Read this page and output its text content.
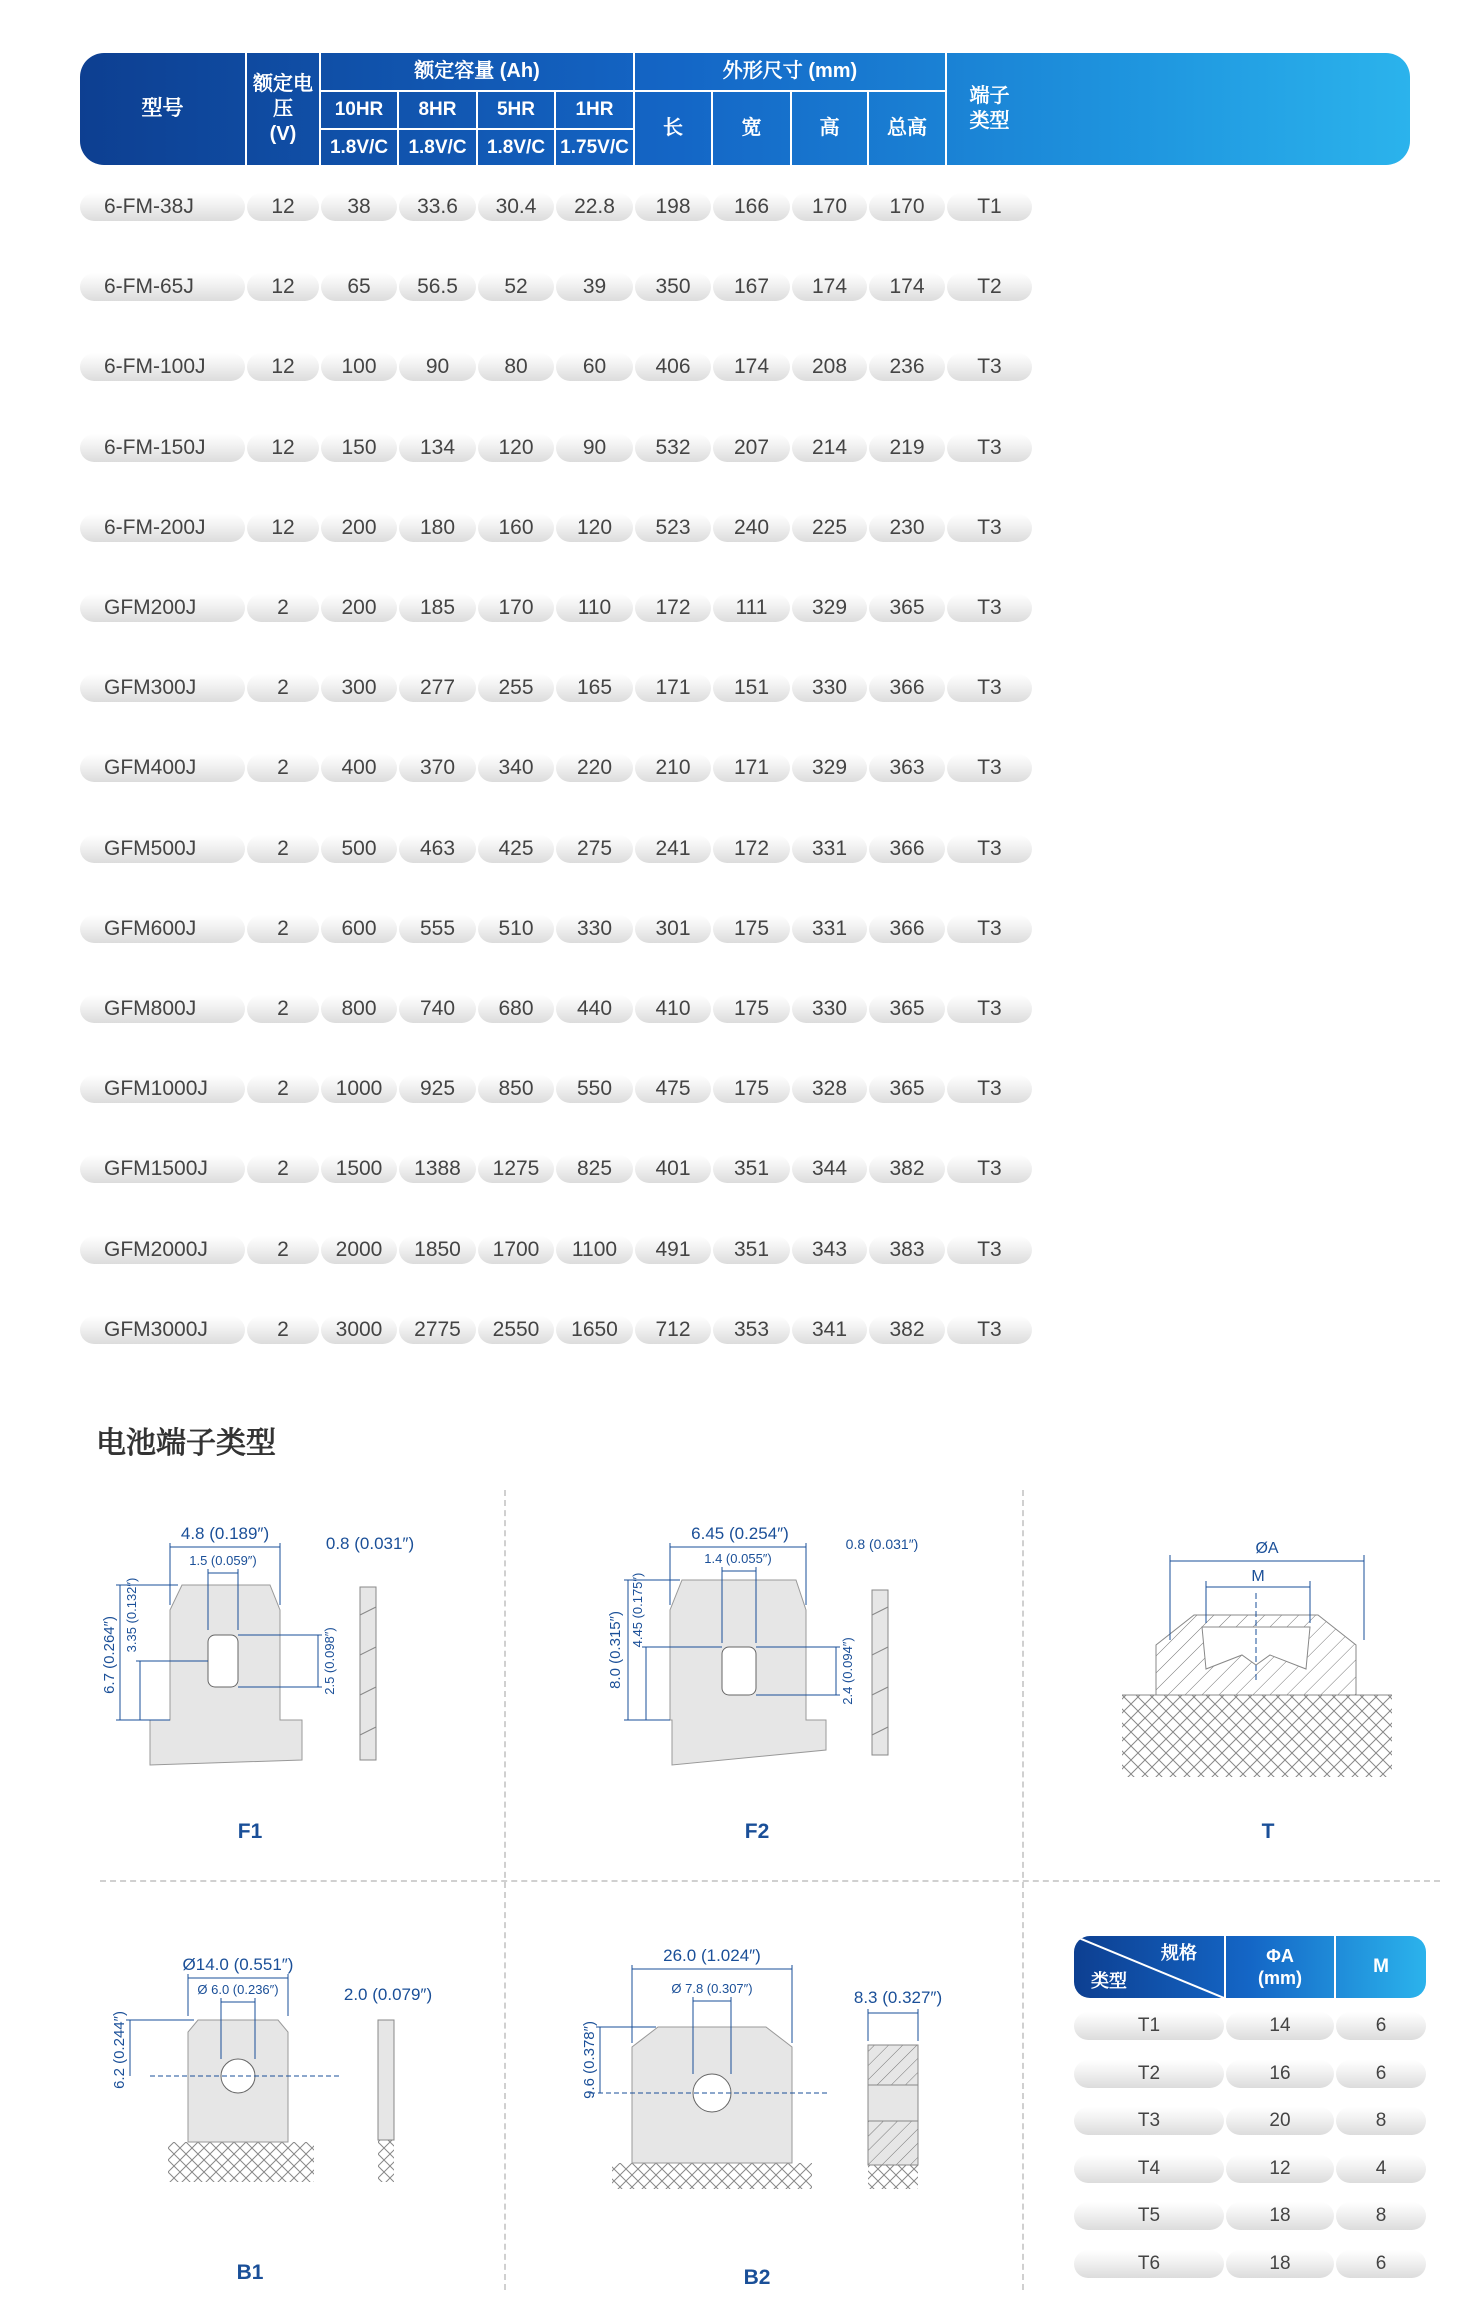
型号
额定电压
(V)
额定容量 (Ah)
10HR	8HR	5HR	1HR
1.8V/C	1.8V/C	1.8V/C 1.75V/C
外形尺寸 (mm)
长	宽	高	总高
端子
类型
6-FM-38J	12	38	33.6	30.4	22.8	198	166	170	170	T1
6-FM-65J	12	65	56.5	52	39	350	167	174	174	T2
6-FM-100J	12	100	90	80	60	406	174	208	236	T3
6-FM-150J	12	150	134	120	90	532	207	214	219	T3
6-FM-200J	12	200	180	160	120	523	240	225	230	T3
GFM200J	2	200	185	170	110	172	111	329	365	T3
GFM300J	2	300	277	255	165	171	151	330	366	T3
GFM400J	2	400	370	340	220	210	171	329	363	T3
GFM500J	2	500	463	425	275	241	172	331	366	T3
GFM600J	2	600	555	510	330	301	175	331	366	T3
GFM800J	2	800	740	680	440	410	175	330	365	T3
GFM1000J	2	1000	925	850	550	475	175	328	365	T3
GFM1500J	2	1500	1388	1275	825	401	351	344	382	T3
GFM2000J	2	2000	1850	1700	1100	491	351	343	383	T3
GFM3000J	2	3000	2775	2550	1650	712	353	341	382	T3
电池端子类型
4.8 (0.189″)
1.5 (0.059″)
0.8 (0.031″)
6.7 (0.264″)
3.35 (0.132″)
2.5 (0.098″)
F1
6.45 (0.254″)
1.4 (0.055″)
0.8 (0.031″)
8.0 (0.315″)
4.45 (0.175″)
2.4 (0.094″)
F2
ØA
M
T
Ø14.0 (0.551″)
Ø 6.0 (0.236″)	2.0 (0.079″)
6.2 (0.244″)
B1
26.0 (1.024″)
Ø 7.8 (0.307″)	8.3 (0.327″)
9.6 (0.378″)
B2
规格
类型
ΦA
(mm)
M
T1	14	6
T2	16	6
T3	20	8
T4	12	4
T5	18	8
T6	18	6
